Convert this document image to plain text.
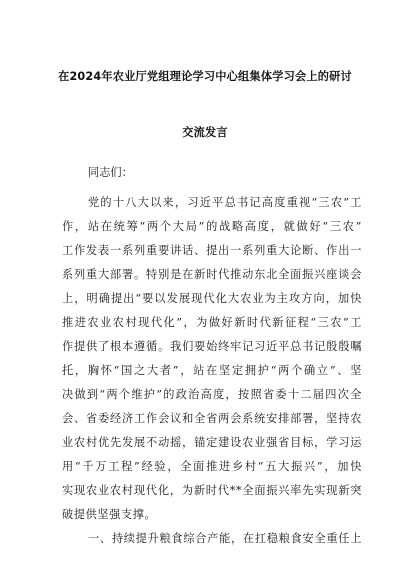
在2024年农业厅党组理论学习中心组集体学习会上的研讨
交流发言
同志们：
党的十八大以来，习近平总书记高度重视“三农”工
作，站在统筹“两个大局”的战略高度，就做好“三农”
工作发表一系列重要讲话、提出一系列重大论断、作出一
系列重大部署。特别是在新时代推动东北全面振兴座谈会
上，明确提出“要以发展现代化大农业为主攻方向，加快
推进农业农村现代化”，为做好新时代新征程“三农”工
作提供了根本遵循。我们要始终牢记习近平总书记殷殷嘱
托，胸怀“国之大者”，站在坚定拥护“两个确立”、坚
决做到“两个维护”的政治高度，按照省委十二届四次全
会、省委经济工作会议和全省两会系统安排部署，坚持农
业农村优先发展不动摇，锚定建设农业强省目标，学习运
用“千万工程”经验，全面推进乡村“五大振兴”，加快
实现农业农村现代化，为新时代**全面振兴率先实现新突
破提供坚强支撑。
一、持续提升粮食综合产能，在扛稳粮食安全重任上
